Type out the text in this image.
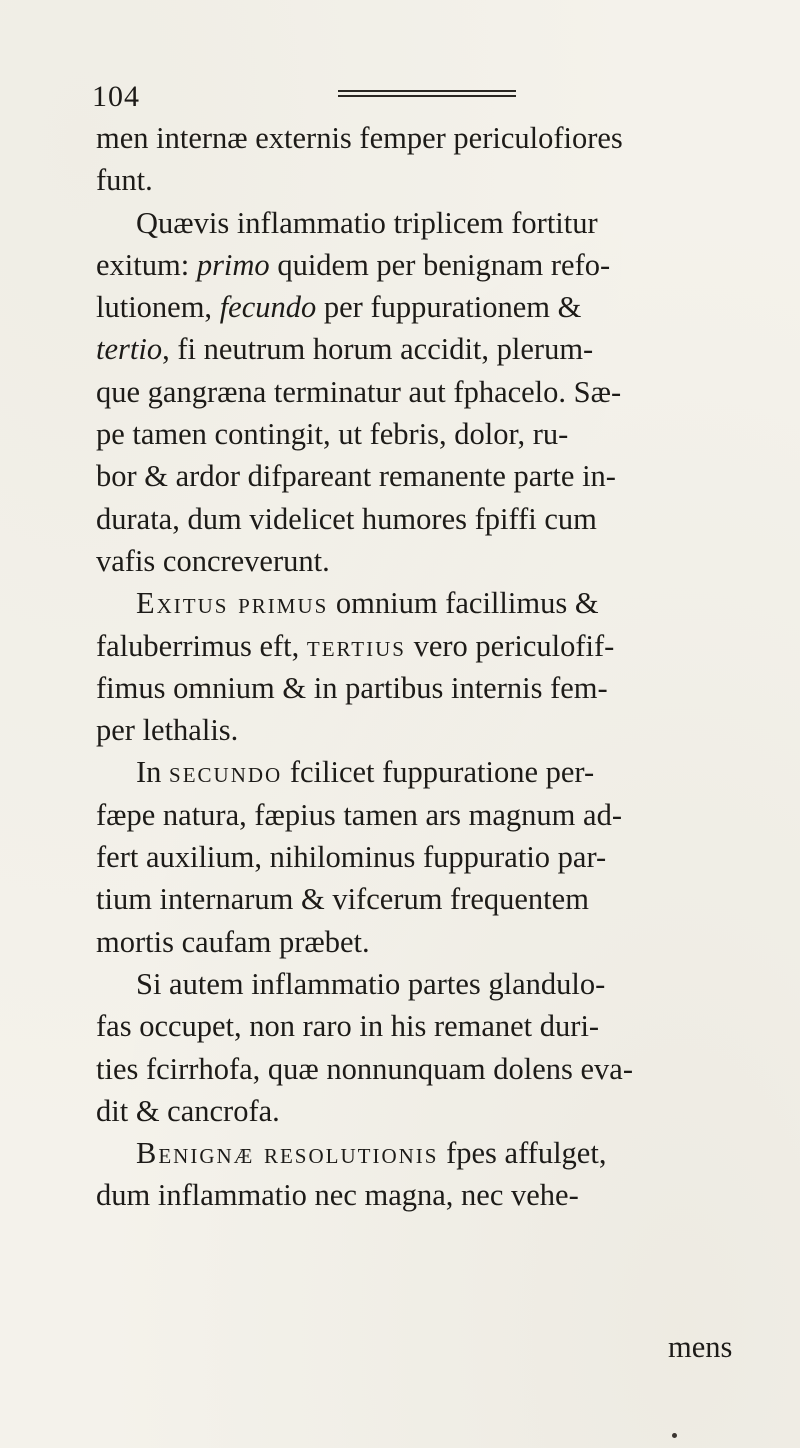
104
men internæ externis femper periculofiores
funt.
Quævis inflammatio triplicem fortitur
exitum: primo quidem per benignam refo-
lutionem, fecundo per fuppurationem &
tertio, fi neutrum horum accidit, plerum-
que gangræna terminatur aut fphacelo. Sæ-
pe tamen contingit, ut febris, dolor, ru-
bor & ardor difpareant remanente parte in-
durata, dum videlicet humores fpiffi cum
vafis concreverunt.
Exitus primus omnium facillimus &
faluberrimus eft, tertius vero periculofif-
fimus omnium & in partibus internis fem-
per lethalis.
In secundo fcilicet fuppuratione per-
fæpe natura, fæpius tamen ars magnum ad-
fert auxilium, nihilominus fuppuratio par-
tium internarum & vifcerum frequentem
mortis caufam præbet.
Si autem inflammatio partes glandulo-
fas occupet, non raro in his remanet duri-
ties fcirrhofa, quæ nonnunquam dolens eva-
dit & cancrofa.
Benignæ resolutionis fpes affulget,
dum inflammatio nec magna, nec vehe-
mens
